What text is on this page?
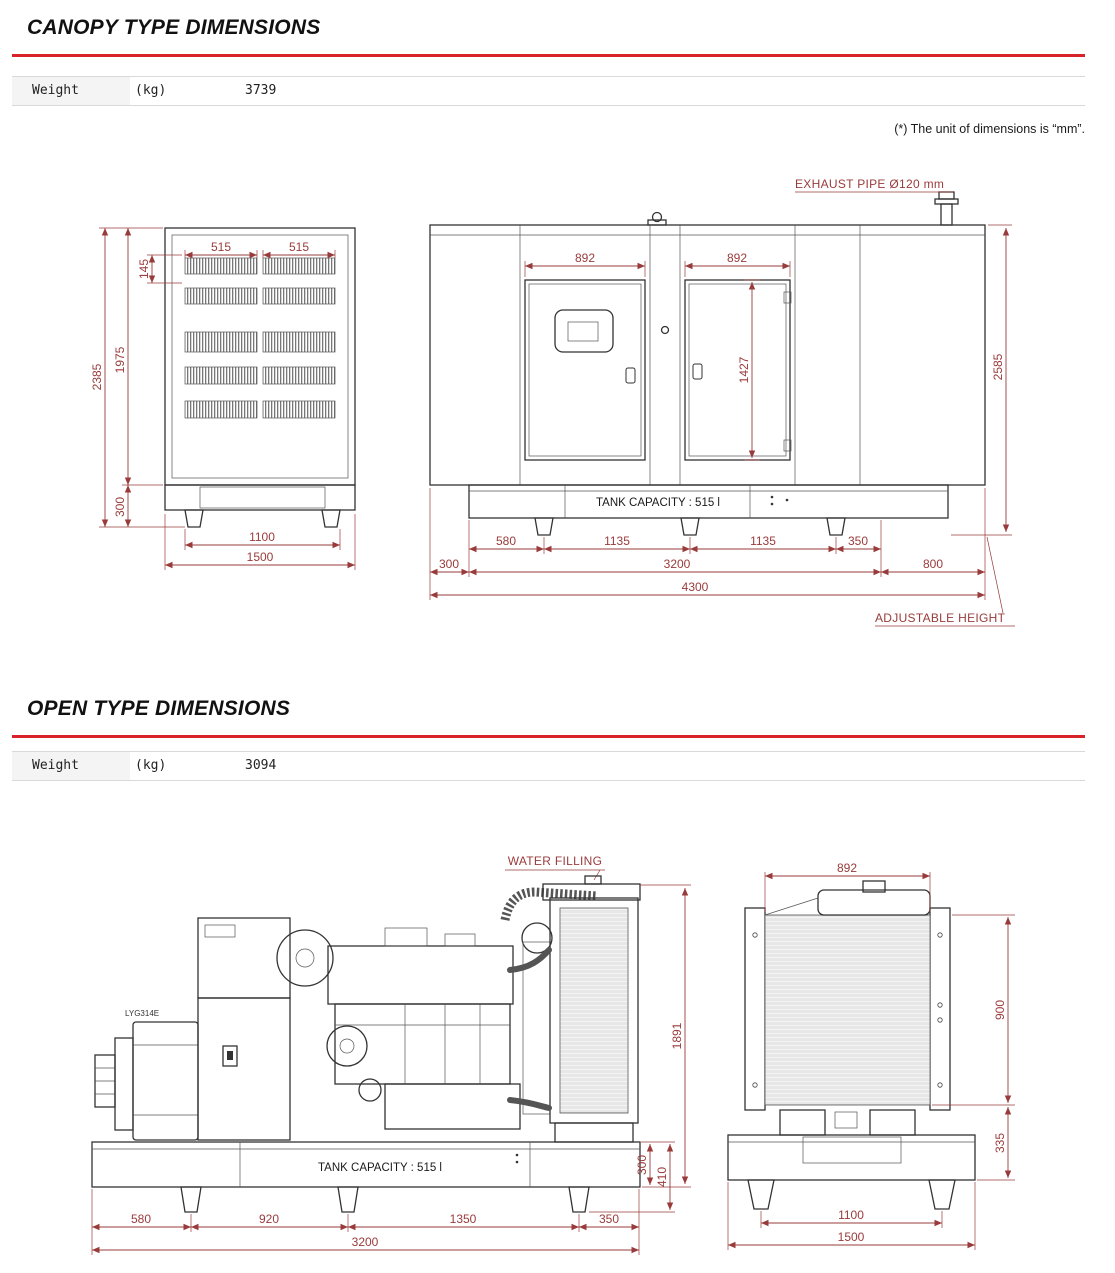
CANOPY TYPE DIMENSIONS
Weight	(kg)	3739
(*) The unit of dimensions is “mm”.
515	515
145
2385
1975
300
1100
1500
EXHAUST PIPE Ø120 mm
TANK CAPACITY : 515 l
892	892
1427	2585
580	1135	1135	350
300	3200	800
4300
ADJUSTABLE HEIGHT
OPEN TYPE DIMENSIONS
Weight	(kg)	3094
WATER FILLING
LYG314E
TANK CAPACITY : 515 l
1891
300
410
580	920	1350	350
3200
892
900
335
1100
1500
